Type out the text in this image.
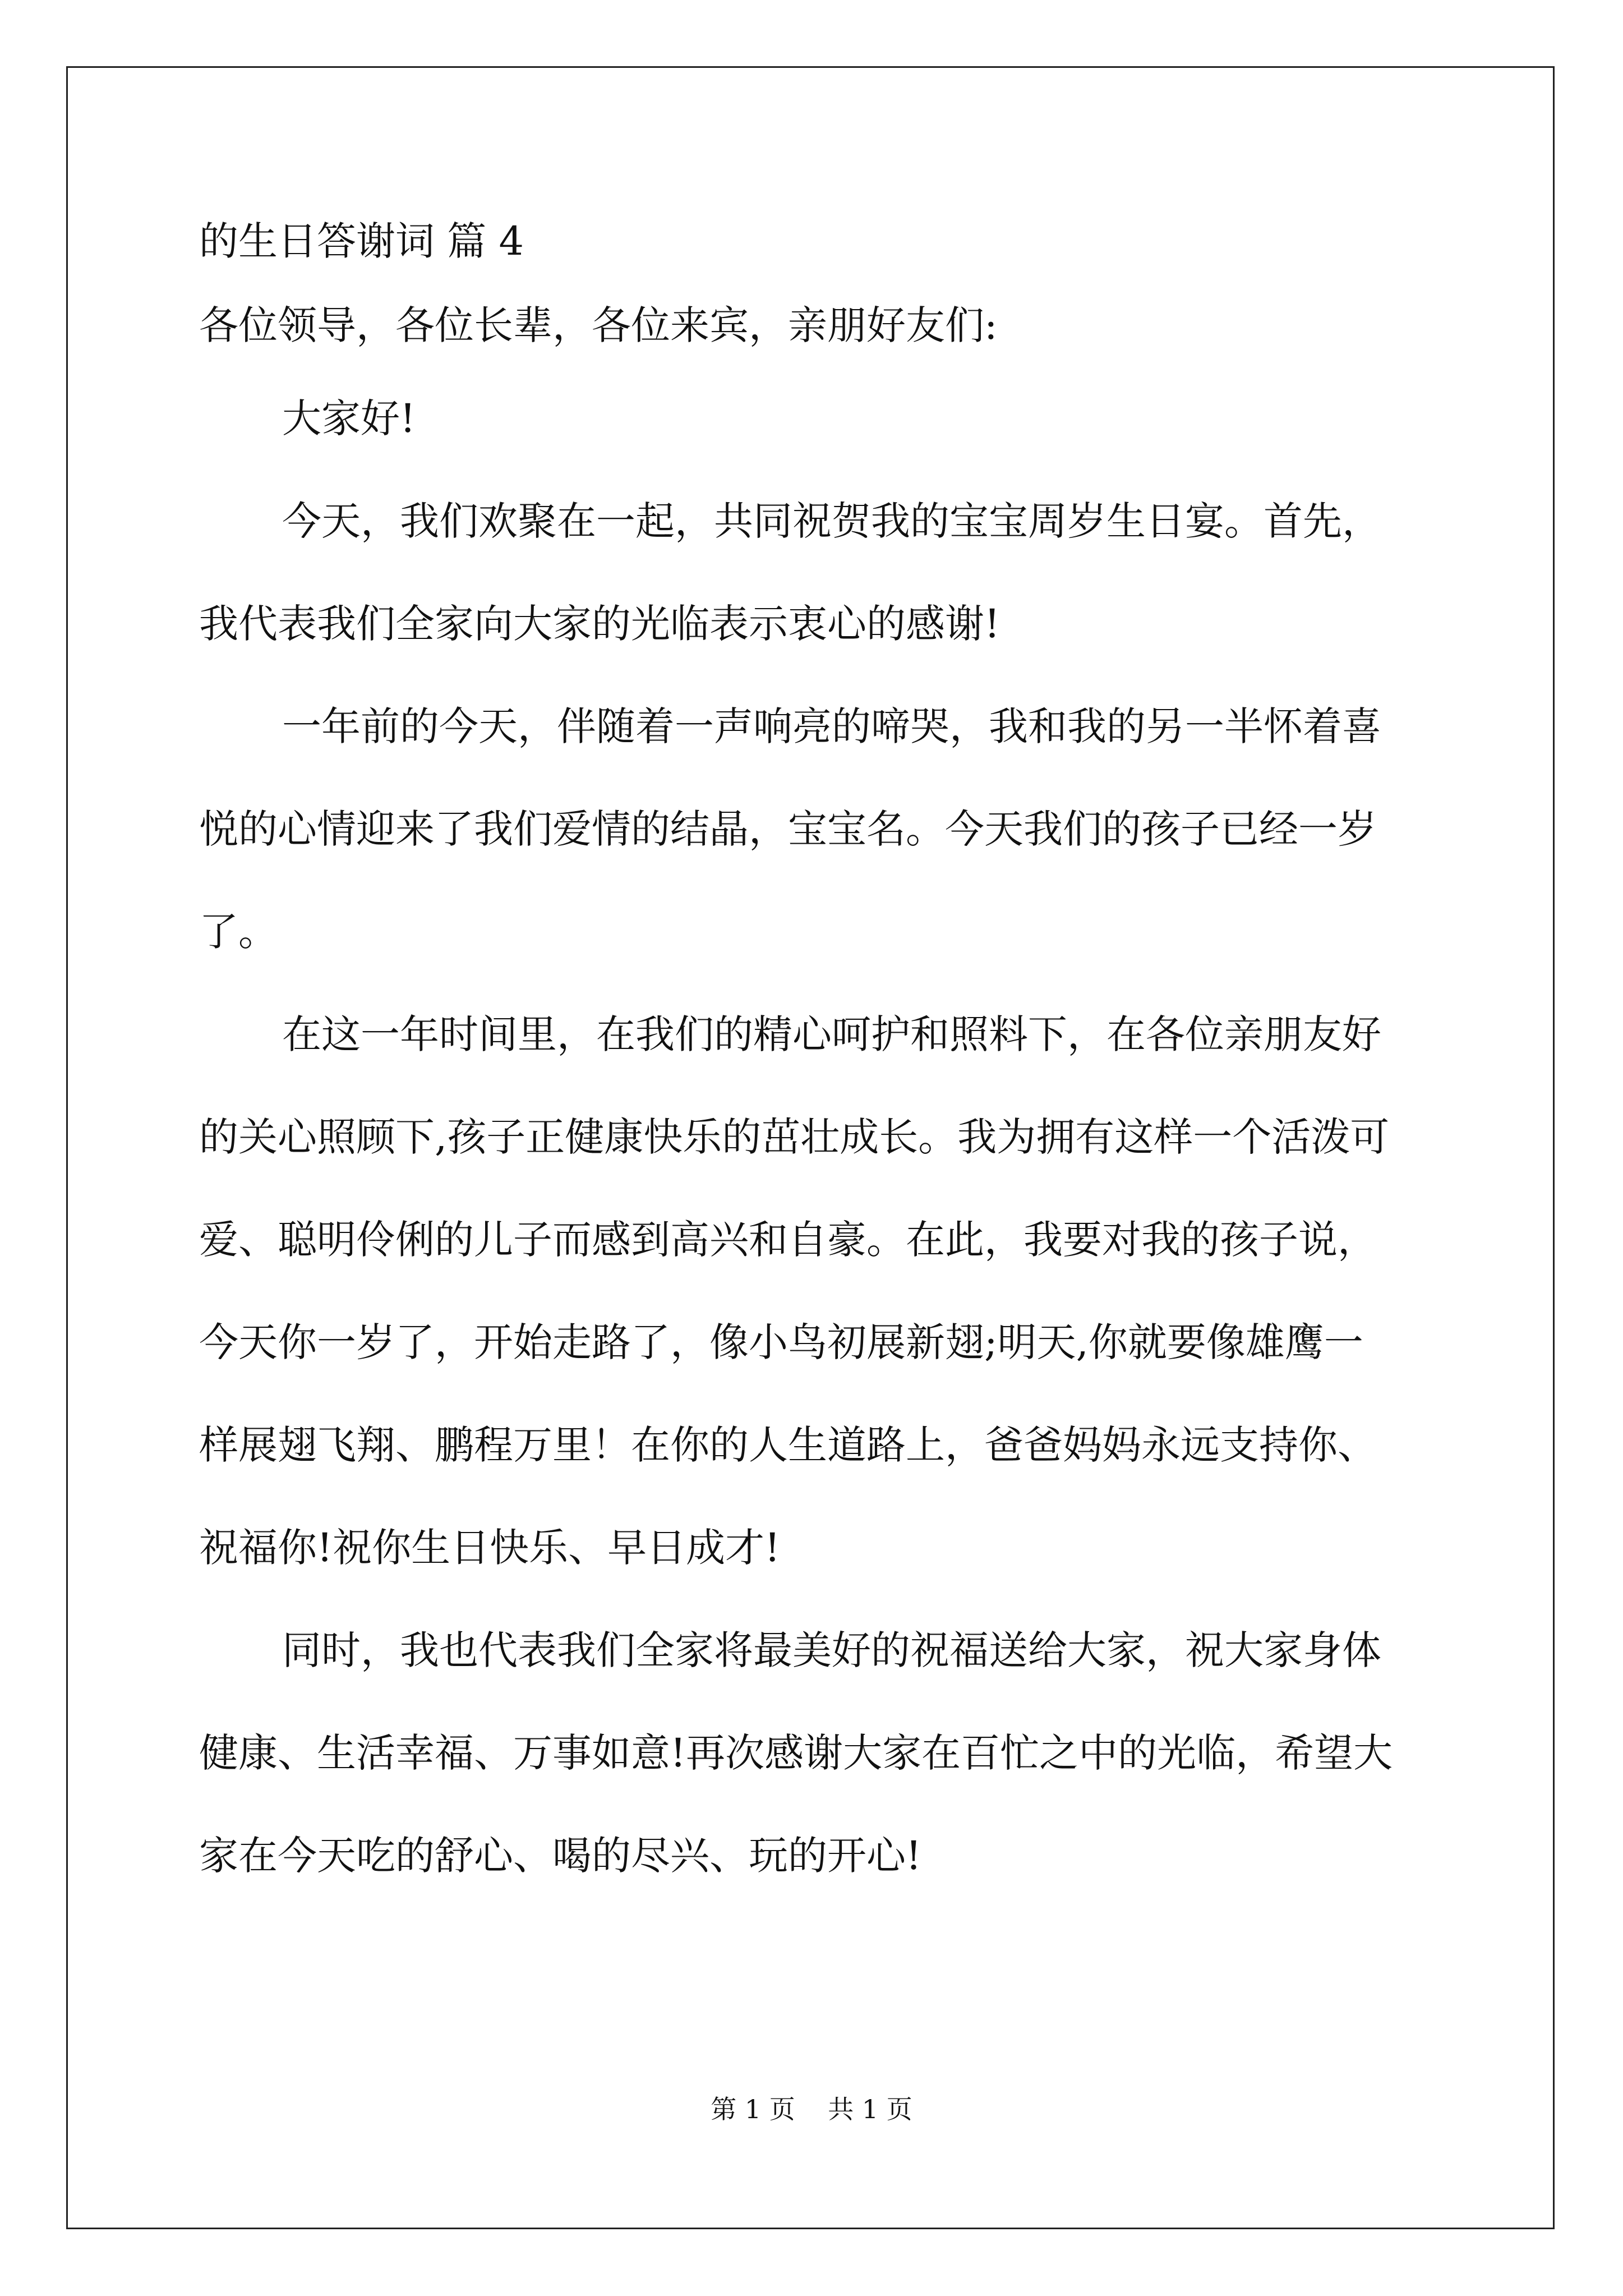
的生日答谢词 篇 4
各位领导，各位长辈，各位来宾，亲朋好友们:
大家好!
今天，我们欢聚在一起，共同祝贺我的宝宝周岁生日宴。首先，
我代表我们全家向大家的光临表示衷心的感谢!
一年前的今天，伴随着一声响亮的啼哭，我和我的另一半怀着喜
悦的心情迎来了我们爱情的结晶，宝宝名。今天我们的孩子已经一岁
了。
在这一年时间里，在我们的精心呵护和照料下，在各位亲朋友好
的关心照顾下,孩子正健康快乐的茁壮成长。我为拥有这样一个活泼可
爱、聪明伶俐的儿子而感到高兴和自豪。在此，我要对我的孩子说，
今天你一岁了，开始走路了，像小鸟初展新翅;明天,你就要像雄鹰一
样展翅飞翔、鹏程万里！在你的人生道路上，爸爸妈妈永远支持你、
祝福你!祝你生日快乐、早日成才!
同时，我也代表我们全家将最美好的祝福送给大家，祝大家身体
健康、生活幸福、万事如意!再次感谢大家在百忙之中的光临，希望大
家在今天吃的舒心、喝的尽兴、玩的开心!
第 1 页    共 1 页
